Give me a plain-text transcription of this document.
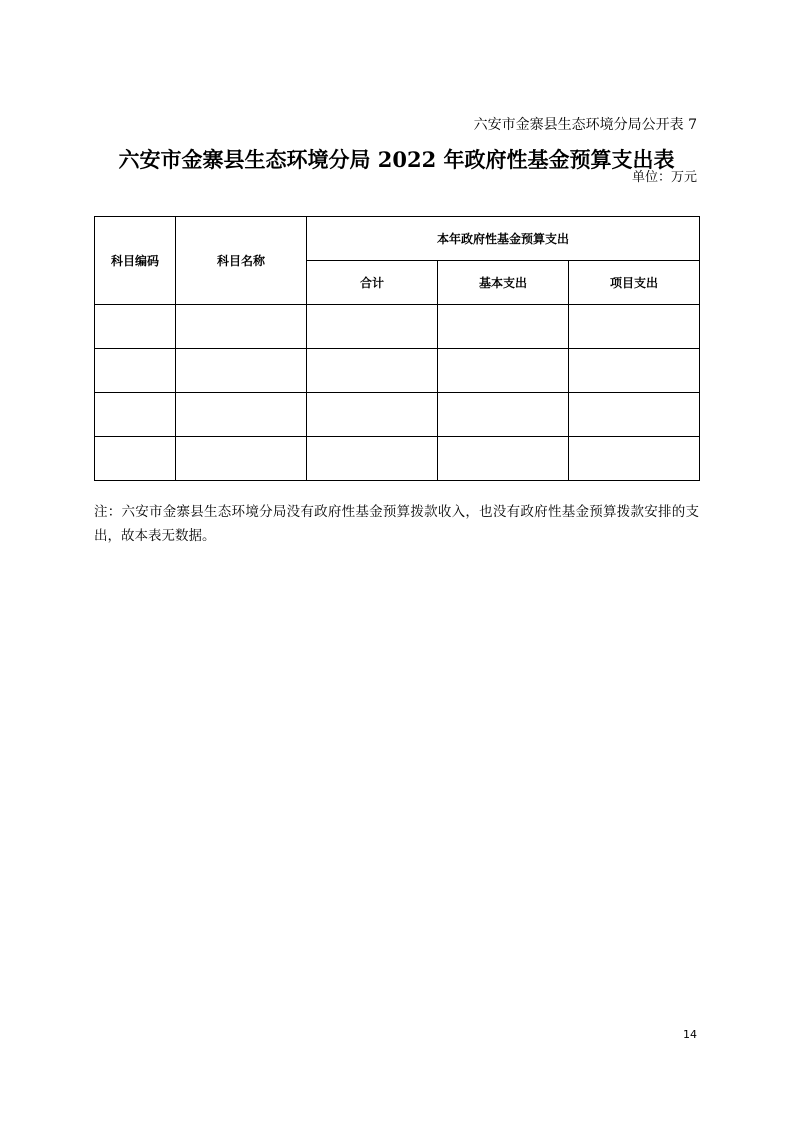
六安市金寨县生态环境分局公开表 7
六安市金寨县生态环境分局 2022 年政府性基金预算支出表
单位：万元
科目编码	科目名称	本年政府性基金预算支出		
		合计	基本支出	项目支出

注：六安市金寨县生态环境分局没有政府性基金预算拨款收入，也没有政府性基金预算拨款安排的支出，故本表无数据。
14
